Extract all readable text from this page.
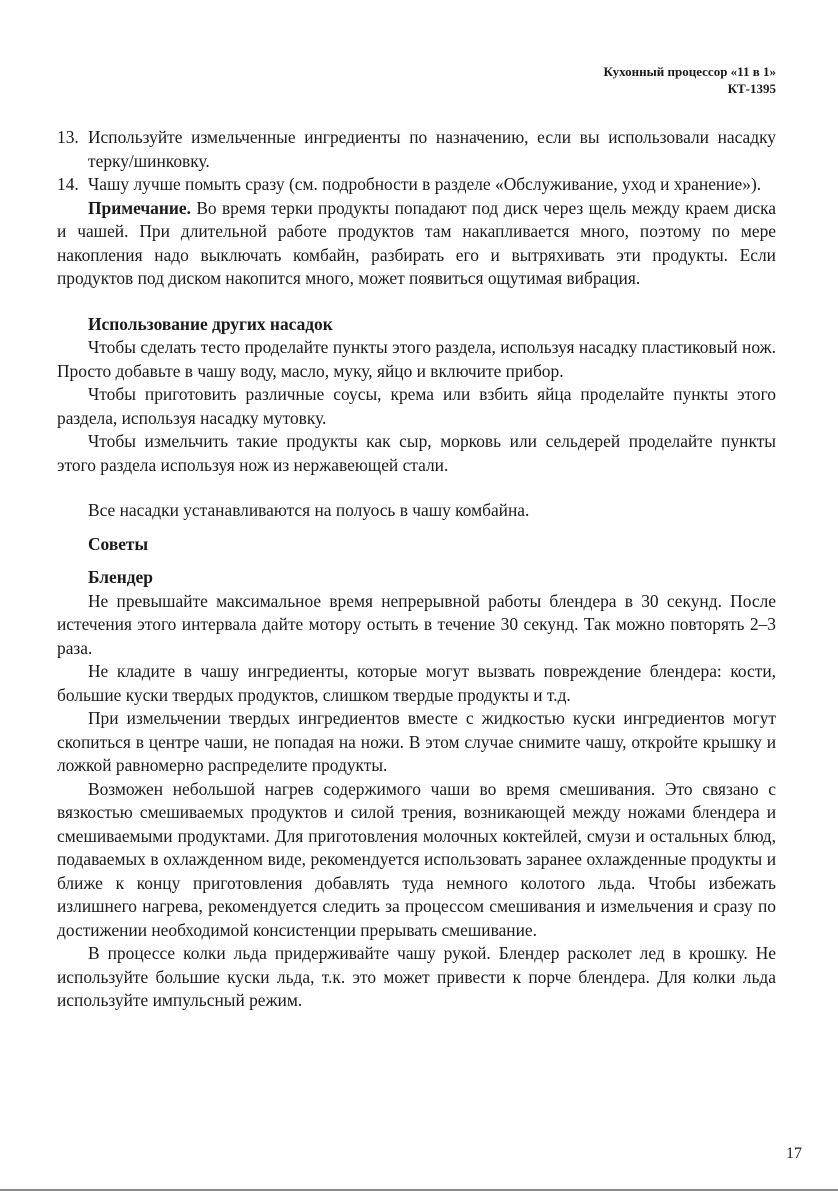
Кухонный процессор «11 в 1»
КТ-1395

13. Используйте измельченные ингредиенты по назначению, если вы использовали насадку терку/шинковку.

14. Чашу лучше помыть сразу (см. подробности в разделе «Обслуживание, уход и хранение»).

Примечание. Во время терки продукты попадают под диск через щель между краем диска и чашей. При длительной работе продуктов там накапливается много, поэтому по мере накопления надо выключать комбайн, разбирать его и вытряхивать эти продукты. Если продуктов под диском накопится много, может появиться ощутимая вибрация.

Использование других насадок

Чтобы сделать тесто проделайте пункты этого раздела, используя насадку пластиковый нож. Просто добавьте в чашу воду, масло, муку, яйцо и включите прибор.

Чтобы приготовить различные соусы, крема или взбить яйца проделайте пункты этого раздела, используя насадку мутовку.

Чтобы измельчить такие продукты как сыр, морковь или сельдерей проделайте пункты этого раздела используя нож из нержавеющей стали.

Все насадки устанавливаются на полуось в чашу комбайна.

Советы

Блендер

Не превышайте максимальное время непрерывной работы блендера в 30 секунд. После истечения этого интервала дайте мотору остыть в течение 30 секунд. Так можно повторять 2–3 раза.

Не кладите в чашу ингредиенты, которые могут вызвать повреждение блендера: кости, большие куски твердых продуктов, слишком твердые продукты и т.д.

При измельчении твердых ингредиентов вместе с жидкостью куски ингредиентов могут скопиться в центре чаши, не попадая на ножи. В этом случае снимите чашу, откройте крышку и ложкой равномерно распределите продукты.

Возможен небольшой нагрев содержимого чаши во время смешивания. Это связано с вязкостью смешиваемых продуктов и силой трения, возникающей между ножами блендера и смешиваемыми продуктами. Для приготовления молочных коктейлей, смузи и остальных блюд, подаваемых в охлажденном виде, рекомендуется использовать заранее охлажденные продукты и ближе к концу приготовления добавлять туда немного колотого льда. Чтобы избежать излишнего нагрева, рекомендуется следить за процессом смешивания и измельчения и сразу по достижении необходимой консистенции прерывать смешивание.

В процессе колки льда придерживайте чашу рукой. Блендер расколет лед в крошку. Не используйте большие куски льда, т.к. это может привести к порче блендера. Для колки льда используйте импульсный режим.

17
